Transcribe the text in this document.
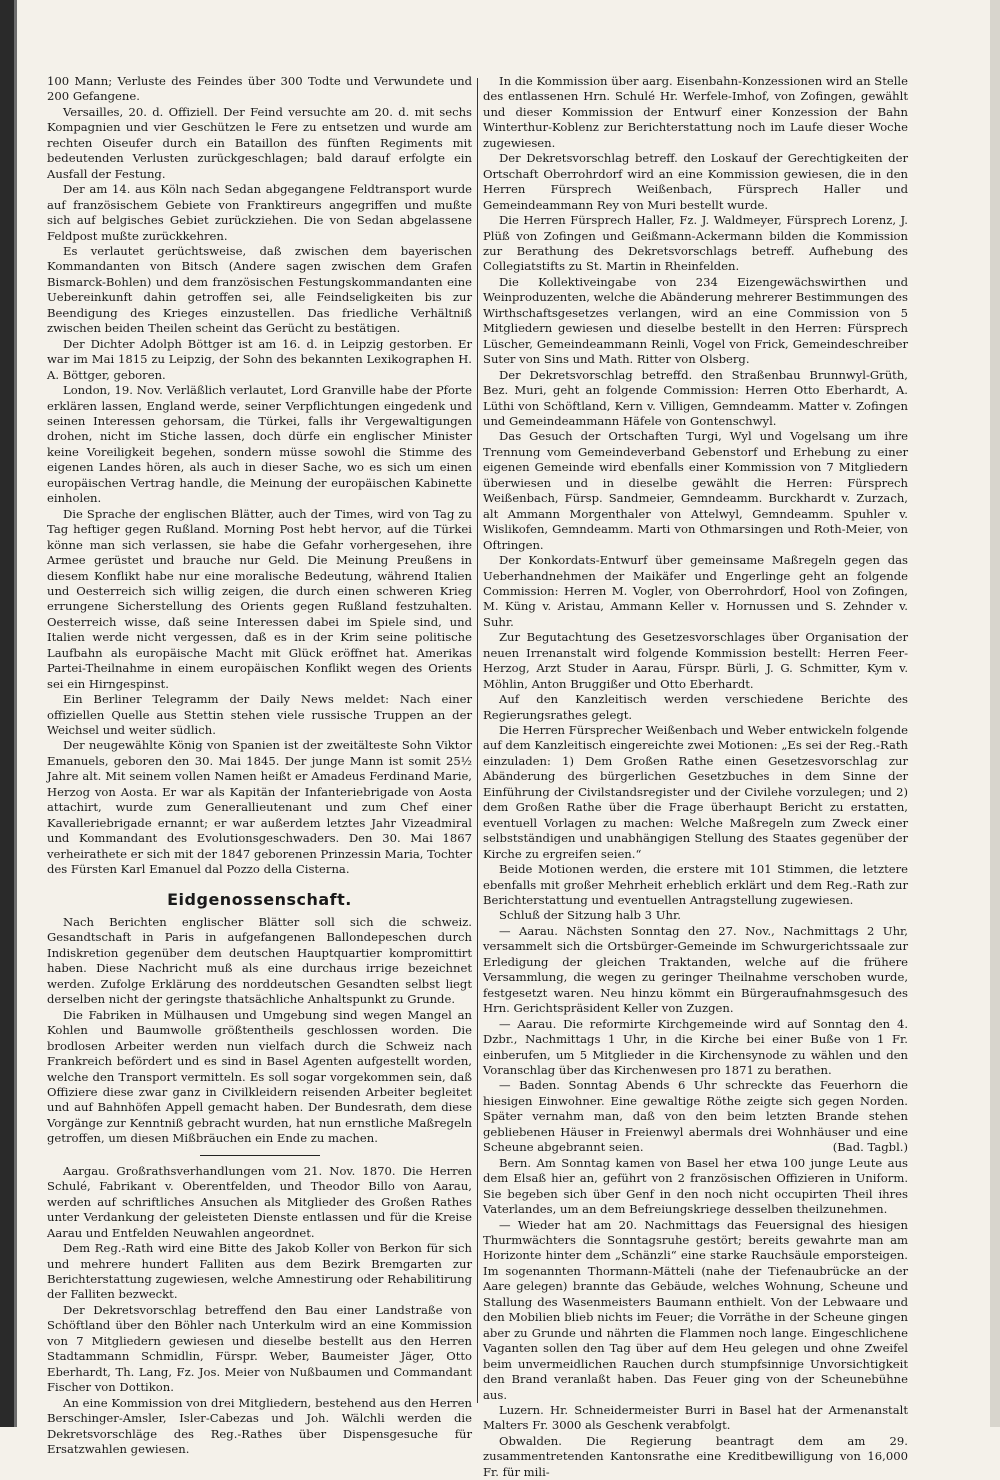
100 Mann; Verluste des Feindes über 300 Todte und Verwundete und 200 Gefangene.

Versailles, 20. d. Offiziell. Der Feind versuchte am 20. d. mit sechs Kompagnien und vier Geschützen le Fere zu entsetzen und wurde am rechten Oiseufer durch ein Bataillon des fünften Regiments mit bedeutenden Verlusten zurückgeschlagen; bald darauf erfolgte ein Ausfall der Festung.

Der am 14. aus Köln nach Sedan abgegangene Feldtransport wurde auf französischem Gebiete von Franktireurs angegriffen und mußte sich auf belgisches Gebiet zurückziehen. Die von Sedan abgelassene Feldpost mußte zurückkehren.

Es verlautet gerüchtsweise, daß zwischen dem bayerischen Kommandanten von Bitsch (Andere sagen zwischen dem Grafen Bismarck-Bohlen) und dem französischen Festungskommandanten eine Uebereinkunft dahin getroffen sei, alle Feindseligkeiten bis zur Beendigung des Krieges einzustellen. Das friedliche Verhältniß zwischen beiden Theilen scheint das Gerücht zu bestätigen.

Der Dichter Adolph Böttger ist am 16. d. in Leipzig gestorben. Er war im Mai 1815 zu Leipzig, der Sohn des bekannten Lexikographen H. A. Böttger, geboren.

London, 19. Nov. Verläßlich verlautet, Lord Granville habe der Pforte erklären lassen, England werde, seiner Verpflichtungen eingedenk und seinen Interessen gehorsam, die Türkei, falls ihr Vergewaltigungen drohen, nicht im Stiche lassen, doch dürfe ein englischer Minister keine Voreiligkeit begehen, sondern müsse sowohl die Stimme des eigenen Landes hören, als auch in dieser Sache, wo es sich um einen europäischen Vertrag handle, die Meinung der europäischen Kabinette einholen.

Die Sprache der englischen Blätter, auch der Times, wird von Tag zu Tag heftiger gegen Rußland. Morning Post hebt hervor, auf die Türkei könne man sich verlassen, sie habe die Gefahr vorhergesehen, ihre Armee gerüstet und brauche nur Geld. Die Meinung Preußens in diesem Konflikt habe nur eine moralische Bedeutung, während Italien und Oesterreich sich willig zeigen, die durch einen schweren Krieg errungene Sicherstellung des Orients gegen Rußland festzuhalten. Oesterreich wisse, daß seine Interessen dabei im Spiele sind, und Italien werde nicht vergessen, daß es in der Krim seine politische Laufbahn als europäische Macht mit Glück eröffnet hat. Amerikas Partei-Theilnahme in einem europäischen Konflikt wegen des Orients sei ein Hirngespinst.

Ein Berliner Telegramm der Daily News meldet: Nach einer offiziellen Quelle aus Stettin stehen viele russische Truppen an der Weichsel und weiter südlich.

Der neugewählte König von Spanien ist der zweitälteste Sohn Viktor Emanuels, geboren den 30. Mai 1845. Der junge Mann ist somit 25½ Jahre alt. Mit seinem vollen Namen heißt er Amadeus Ferdinand Marie, Herzog von Aosta. Er war als Kapitän der Infanteriebrigade von Aosta attachirt, wurde zum Generallieutenant und zum Chef einer Kavalleriebrigade ernannt; er war außerdem letztes Jahr Vizeadmiral und Kommandant des Evolutionsgeschwaders. Den 30. Mai 1867 verheirathete er sich mit der 1847 geborenen Prinzessin Maria, Tochter des Fürsten Karl Emanuel dal Pozzo della Cisterna.

Eidgenossenschaft.

Nach Berichten englischer Blätter soll sich die schweiz. Gesandtschaft in Paris in aufgefangenen Ballondepeschen durch Indiskretion gegenüber dem deutschen Hauptquartier kompromittirt haben. Diese Nachricht muß als eine durchaus irrige bezeichnet werden. Zufolge Erklärung des norddeutschen Gesandten selbst liegt derselben nicht der geringste thatsächliche Anhaltspunkt zu Grunde.

Die Fabriken in Mülhausen und Umgebung sind wegen Mangel an Kohlen und Baumwolle größtentheils geschlossen worden. Die brodlosen Arbeiter werden nun vielfach durch die Schweiz nach Frankreich befördert und es sind in Basel Agenten aufgestellt worden, welche den Transport vermitteln. Es soll sogar vorgekommen sein, daß Offiziere diese zwar ganz in Civilkleidern reisenden Arbeiter begleitet und auf Bahnhöfen Appell gemacht haben. Der Bundesrath, dem diese Vorgänge zur Kenntniß gebracht wurden, hat nun ernstliche Maßregeln getroffen, um diesen Mißbräuchen ein Ende zu machen.

Aargau. Großrathsverhandlungen vom 21. Nov. 1870. Die Herren Schulé, Fabrikant v. Oberentfelden, und Theodor Billo von Aarau, werden auf schriftliches Ansuchen als Mitglieder des Großen Rathes unter Verdankung der geleisteten Dienste entlassen und für die Kreise Aarau und Entfelden Neuwahlen angeordnet.

Dem Reg.-Rath wird eine Bitte des Jakob Koller von Berkon für sich und mehrere hundert Falliten aus dem Bezirk Bremgarten zur Berichterstattung zugewiesen, welche Amnestirung oder Rehabilitirung der Falliten bezweckt.

Der Dekretsvorschlag betreffend den Bau einer Landstraße von Schöftland über den Böhler nach Unterkulm wird an eine Kommission von 7 Mitgliedern gewiesen und dieselbe bestellt aus den Herren Stadtammann Schmidlin, Fürspr. Weber, Baumeister Jäger, Otto Eberhardt, Th. Lang, Fz. Jos. Meier von Nußbaumen und Commandant Fischer von Dottikon.

An eine Kommission von drei Mitgliedern, bestehend aus den Herren Berschinger-Amsler, Isler-Cabezas und Joh. Wälchli werden die Dekretsvorschläge des Reg.-Rathes über Dispensgesuche für Ersatzwahlen gewiesen.

In die Kommission über aarg. Eisenbahn-Konzessionen wird an Stelle des entlassenen Hrn. Schulé Hr. Werfele-Imhof, von Zofingen, gewählt und dieser Kommission der Entwurf einer Konzession der Bahn Winterthur-Koblenz zur Berichterstattung noch im Laufe dieser Woche zugewiesen.

Der Dekretsvorschlag betreff. den Loskauf der Gerechtigkeiten der Ortschaft Oberrohrdorf wird an eine Kommission gewiesen, die in den Herren Fürsprech Weißenbach, Fürsprech Haller und Gemeindeammann Rey von Muri bestellt wurde.

Die Herren Fürsprech Haller, Fz. J. Waldmeyer, Fürsprech Lorenz, J. Plüß von Zofingen und Geißmann-Ackermann bilden die Kommission zur Berathung des Dekretsvorschlags betreff. Aufhebung des Collegiatstifts zu St. Martin in Rheinfelden.

Die Kollektiveingabe von 234 Eizengewächswirthen und Weinproduzenten, welche die Abänderung mehrerer Bestimmungen des Wirthschaftsgesetzes verlangen, wird an eine Commission von 5 Mitgliedern gewiesen und dieselbe bestellt in den Herren: Fürsprech Lüscher, Gemeindeammann Reinli, Vogel von Frick, Gemeindeschreiber Suter von Sins und Math. Ritter von Olsberg.

Der Dekretsvorschlag betreffd. den Straßenbau Brunnwyl-Grüth, Bez. Muri, geht an folgende Commission: Herren Otto Eberhardt, A. Lüthi von Schöftland, Kern v. Villigen, Gemndeamm. Matter v. Zofingen und Gemeindeammann Häfele von Gontenschwyl.

Das Gesuch der Ortschaften Turgi, Wyl und Vogelsang um ihre Trennung vom Gemeindeverband Gebenstorf und Erhebung zu einer eigenen Gemeinde wird ebenfalls einer Kommission von 7 Mitgliedern überwiesen und in dieselbe gewählt die Herren: Fürsprech Weißenbach, Fürsp. Sandmeier, Gemndeamm. Burckhardt v. Zurzach, alt Ammann Morgenthaler von Attelwyl, Gemndeamm. Spuhler v. Wislikofen, Gemndeamm. Marti von Othmarsingen und Roth-Meier, von Oftringen.

Der Konkordats-Entwurf über gemeinsame Maßregeln gegen das Ueberhandnehmen der Maikäfer und Engerlinge geht an folgende Commission: Herren M. Vogler, von Oberrohrdorf, Hool von Zofingen, M. Küng v. Aristau, Ammann Keller v. Hornussen und S. Zehnder v. Suhr.

Zur Begutachtung des Gesetzesvorschlages über Organisation der neuen Irrenanstalt wird folgende Kommission bestellt: Herren Feer-Herzog, Arzt Studer in Aarau, Fürspr. Bürli, J. G. Schmitter, Kym v. Möhlin, Anton Bruggißer und Otto Eberhardt.

Auf den Kanzleitisch werden verschiedene Berichte des Regierungsrathes gelegt.

Die Herren Fürsprecher Weißenbach und Weber entwickeln folgende auf dem Kanzleitisch eingereichte zwei Motionen: „Es sei der Reg.-Rath einzuladen: 1) Dem Großen Rathe einen Gesetzesvorschlag zur Abänderung des bürgerlichen Gesetzbuches in dem Sinne der Einführung der Civilstandsregister und der Civilehe vorzulegen; und 2) dem Großen Rathe über die Frage überhaupt Bericht zu erstatten, eventuell Vorlagen zu machen: Welche Maßregeln zum Zweck einer selbstständigen und unabhängigen Stellung des Staates gegenüber der Kirche zu ergreifen seien.“

Beide Motionen werden, die erstere mit 101 Stimmen, die letztere ebenfalls mit großer Mehrheit erheblich erklärt und dem Reg.-Rath zur Berichterstattung und eventuellen Antragstellung zugewiesen.

Schluß der Sitzung halb 3 Uhr.

— Aarau. Nächsten Sonntag den 27. Nov., Nachmittags 2 Uhr, versammelt sich die Ortsbürger-Gemeinde im Schwurgerichtssaale zur Erledigung der gleichen Traktanden, welche auf die frühere Versammlung, die wegen zu geringer Theilnahme verschoben wurde, festgesetzt waren. Neu hinzu kömmt ein Bürgeraufnahmsgesuch des Hrn. Gerichtspräsident Keller von Zuzgen.

— Aarau. Die reformirte Kirchgemeinde wird auf Sonntag den 4. Dzbr., Nachmittags 1 Uhr, in die Kirche bei einer Buße von 1 Fr. einberufen, um 5 Mitglieder in die Kirchensynode zu wählen und den Voranschlag über das Kirchenwesen pro 1871 zu berathen.

— Baden. Sonntag Abends 6 Uhr schreckte das Feuerhorn die hiesigen Einwohner. Eine gewaltige Röthe zeigte sich gegen Norden. Später vernahm man, daß von den beim letzten Brande stehen gebliebenen Häuser in Freienwyl abermals drei Wohnhäuser und eine Scheune abgebrannt seien.	(Bad. Tagbl.)

Bern. Am Sonntag kamen von Basel her etwa 100 junge Leute aus dem Elsaß hier an, geführt von 2 französischen Offizieren in Uniform. Sie begeben sich über Genf in den noch nicht occupirten Theil ihres Vaterlandes, um an dem Befreiungskriege desselben theilzunehmen.

— Wieder hat am 20. Nachmittags das Feuersignal des hiesigen Thurmwächters die Sonntagsruhe gestört; bereits gewahrte man am Horizonte hinter dem „Schänzli“ eine starke Rauchsäule emporsteigen. Im sogenannten Thormann-Mätteli (nahe der Tiefenaubrücke an der Aare gelegen) brannte das Gebäude, welches Wohnung, Scheune und Stallung des Wasenmeisters Baumann enthielt. Von der Lebwaare und den Mobilien blieb nichts im Feuer; die Vorräthe in der Scheune gingen aber zu Grunde und nährten die Flammen noch lange. Eingeschlichene Vaganten sollen den Tag über auf dem Heu gelegen und ohne Zweifel beim unvermeidlichen Rauchen durch stumpfsinnige Unvorsichtigkeit den Brand veranlaßt haben. Das Feuer ging von der Scheunebühne aus.

Luzern. Hr. Schneidermeister Burri in Basel hat der Armenanstalt Malters Fr. 3000 als Geschenk verabfolgt.

Obwalden. Die Regierung beantragt dem am 29. zusammentretenden Kantonsrathe eine Kreditbewilligung von 16,000 Fr. für mili-
